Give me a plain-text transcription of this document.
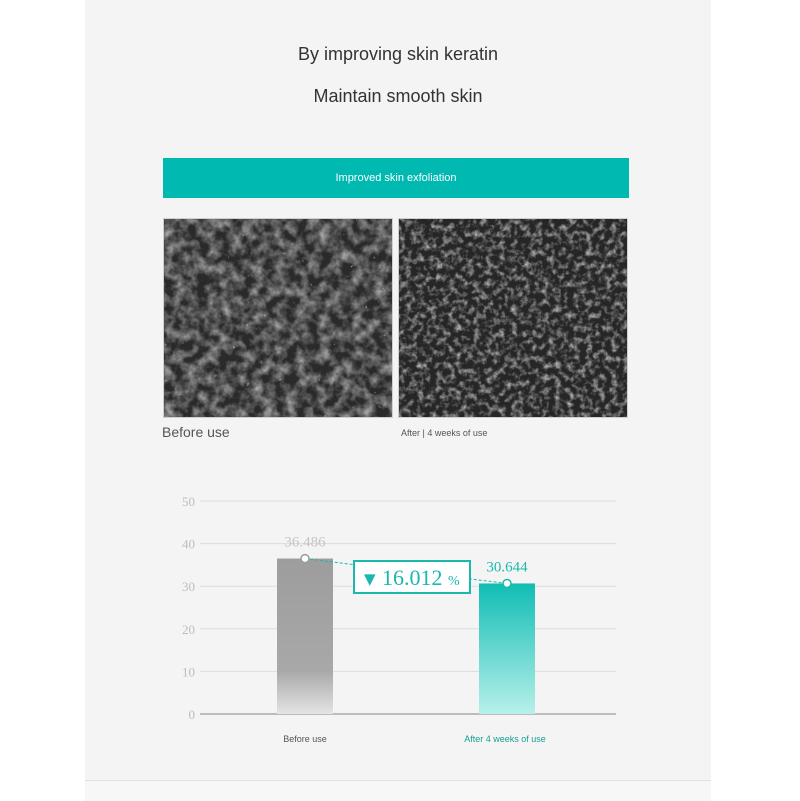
By improving skin keratin
Maintain smooth skin
Improved skin exfoliation
Before use	After | 4 weeks of use
0
10
20
30
40
50
36.486
30.644
▼ 16.012 %
Before use	After 4 weeks of use
